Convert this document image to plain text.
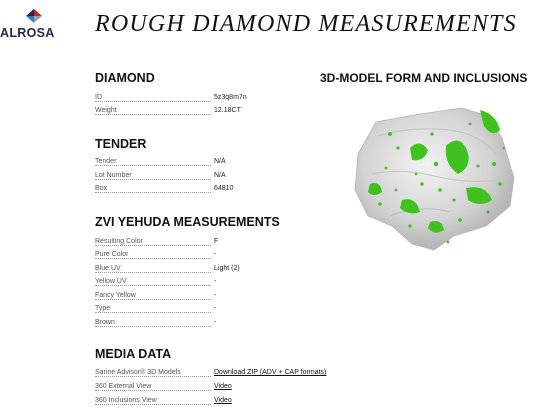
ALROSA ROUGH DIAMOND MEASUREMENTS
DIAMOND
ID	5z3q8m7n
Weight	12.18CT
TENDER
Tender	N/A
Lot Number	N/A
Box	64810
ZVI YEHUDA MEASUREMENTS
Resulting Color	F
Pure Color	-
Blue UV	Light (2)
Yellow UV	-
Fancy Yellow	-
Type	-
Brown	-
MEDIA DATA
Sarine Advisor® 3D Models	Download ZIP (ADV + CAP formats)
360 External View	Video
360 Inclusions View	Video
3D-MODEL FORM AND INCLUSIONS
